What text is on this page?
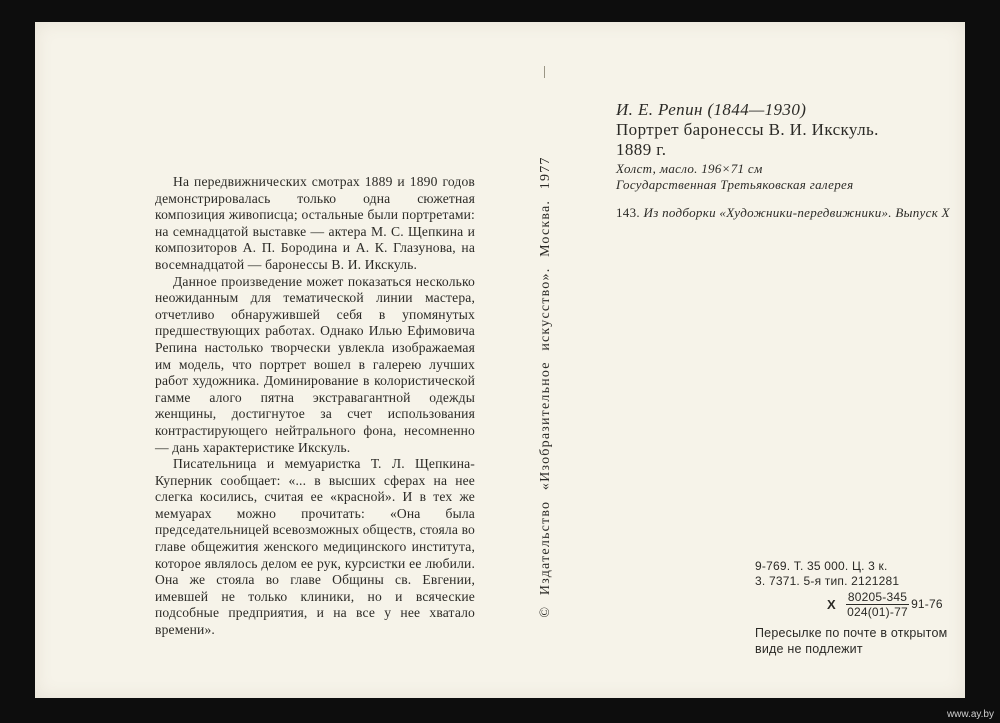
На передвижнических смотрах 1889 и 1890 годов демонстрировалась только одна сюжетная композиция живописца; остальные были портретами: на семнадцатой выставке — актера М. С. Щепкина и композиторов А. П. Бородина и А. К. Глазунова, на восемнадцатой — баронессы В. И. Икскуль.

Данное произведение может показаться несколько неожиданным для тематической линии мастера, отчетливо обнаружившей себя в упомянутых предшествующих работах. Однако Илью Ефимовича Репина настолько творчески увлекла изображаемая им модель, что портрет вошел в галерею лучших работ художника. Доминирование в колористической гамме алого пятна экстравагантной одежды женщины, достигнутое за счет использования контрастирующего нейтрального фона, несомненно — дань характеристике Икскуль.

Писательница и мемуаристка Т. Л. Щепкина-Куперник сообщает: «... в высших сферах на нее слегка косились, считая ее «красной». И в тех же мемуарах можно прочитать: «Она была председательницей всевозможных обществ, стояла во главе общежития женского медицинского института, которое являлось делом ее рук, курсистки ее любили. Она же стояла во главе Общины св. Евгении, имевшей не только клиники, но и всяческие подсобные предприятия, и на все у нее хватало времени».

© Издательство «Изобразительное искусство». Москва. 1977
И. Е. Репин (1844—1930)
Портрет баронессы В. И. Икскуль.
1889 г.
Холст, масло. 196×71 см
Государственная Третьяковская галерея
143. Из подборки «Художники-передвижники». Выпуск X
9-769. Т. 35 000. Ц. 3 к.
3. 7371. 5-я тип. 2121281
X $\frac{80205-345}{024(01)-77} 91-76$
Пересылке по почте в открытом виде не подлежит
www.ay.by
